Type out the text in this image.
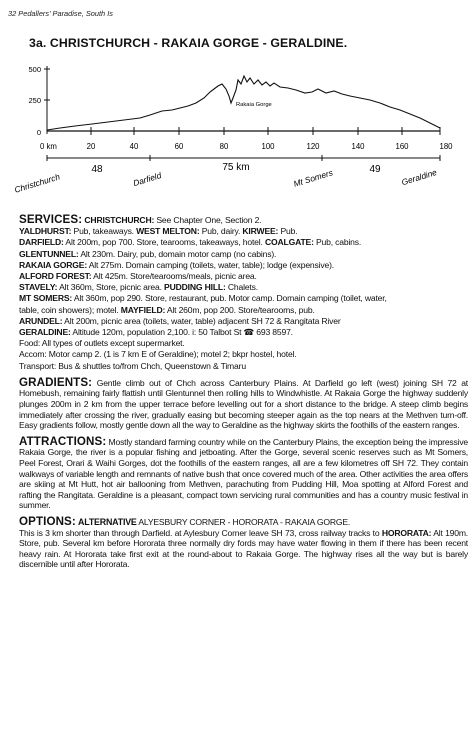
32 Pedallers' Paradise, South Is
3a. CHRISTCHURCH - RAKAIA GORGE - GERALDINE.
500
250
0
Rakaia Gorge
0 km	20	40	60	80	100	120	140	160	180
48	75 km	49
Christchurch	Darfield	Mt Somers	Geraldine
SERVICES: CHRISTCHURCH: See Chapter One, Section 2.
YALDHURST: Pub, takeaways. WEST MELTON: Pub, dairy. KIRWEE: Pub.
DARFIELD: Alt 200m, pop 700. Store, tearooms, takeaways, hotel. COALGATE: Pub, cabins.
GLENTUNNEL: Alt 230m. Dairy, pub, domain motor camp (no cabins).
RAKAIA GORGE: Alt 275m. Domain camping (toilets, water, table); lodge (expensive).
ALFORD FOREST: Alt 425m. Store/tearooms/meals, picnic area.
STAVELY: Alt 360m, Store, picnic area. PUDDING HILL: Chalets.
MT SOMERS: Alt 360m, pop 290. Store, restaurant, pub. Motor camp. Domain camping (toilet, water,
table, coin showers); motel. MAYFIELD: Alt 260m, pop 200. Store/tearooms, pub.
ARUNDEL: Alt 200m, picnic area (toilets, water, table) adjacent SH 72 & Rangitata River
GERALDINE: Altitude 120m, population 2,100. i: 50 Talbot St ☎ 693 8597.
Food: All types of outlets except supermarket.
Accom: Motor camp 2. (1 is 7 km E of Geraldine); motel 2; bkpr hostel, hotel.
Transport: Bus & shuttles to/from Chch, Queenstown & Timaru
GRADIENTS: Gentle climb out of Chch across Canterbury Plains. At Darfield go left (west) joining SH 72 at Homebush, remaining fairly flattish until Glentunnel then rolling hills to Windwhistle. At Rakaia Gorge the highway suddenly plunges 200m in 2 km from the upper terrace before levelling out for a short distance to the bridge. A steep climb begins immediately after crossing the river, gradually easing but becoming steeper again as the top nears at the Methven turn-off. Easy gradients follow, mostly gentle down all the way to Geraldine as the highway skirts the foothills of the eastern ranges.
ATTRACTIONS: Mostly standard farming country while on the Canterbury Plains, the exception being the impressive Rakaia Gorge, the river is a popular fishing and jetboating. After the Gorge, several scenic reserves such as Mt Somers, Peel Forest, Orari & Waihi Gorges, dot the foothills of the eastern ranges, all are a few kilometres off SH 72. They contain walkways of variable length and remnants of native bush that once covered much of the area. Other activities the area offers are skiing at Mt Hutt, hot air ballooning from Methven, parachuting from Pudding Hill, Moa spotting at Alford Forest and rafting the Rangitata. Geraldine is a pleasant, compact town servicing rural communities and has a country music festival in summer.
OPTIONS: ALTERNATIVE ALYESBURY CORNER - HORORATA - RAKAIA GORGE.
This is 3 km shorter than through Darfield. at Aylesbury Corner leave SH 73, cross railway tracks to HORORATA: Alt 190m. Store, pub. Several km before Hororata three normally dry fords may have water flowing in them if there has been recent heavy rain. At Hororata take first exit at the round-about to Rakaia Gorge. The highway rises all the way but is barely discernible until after Hororata.
